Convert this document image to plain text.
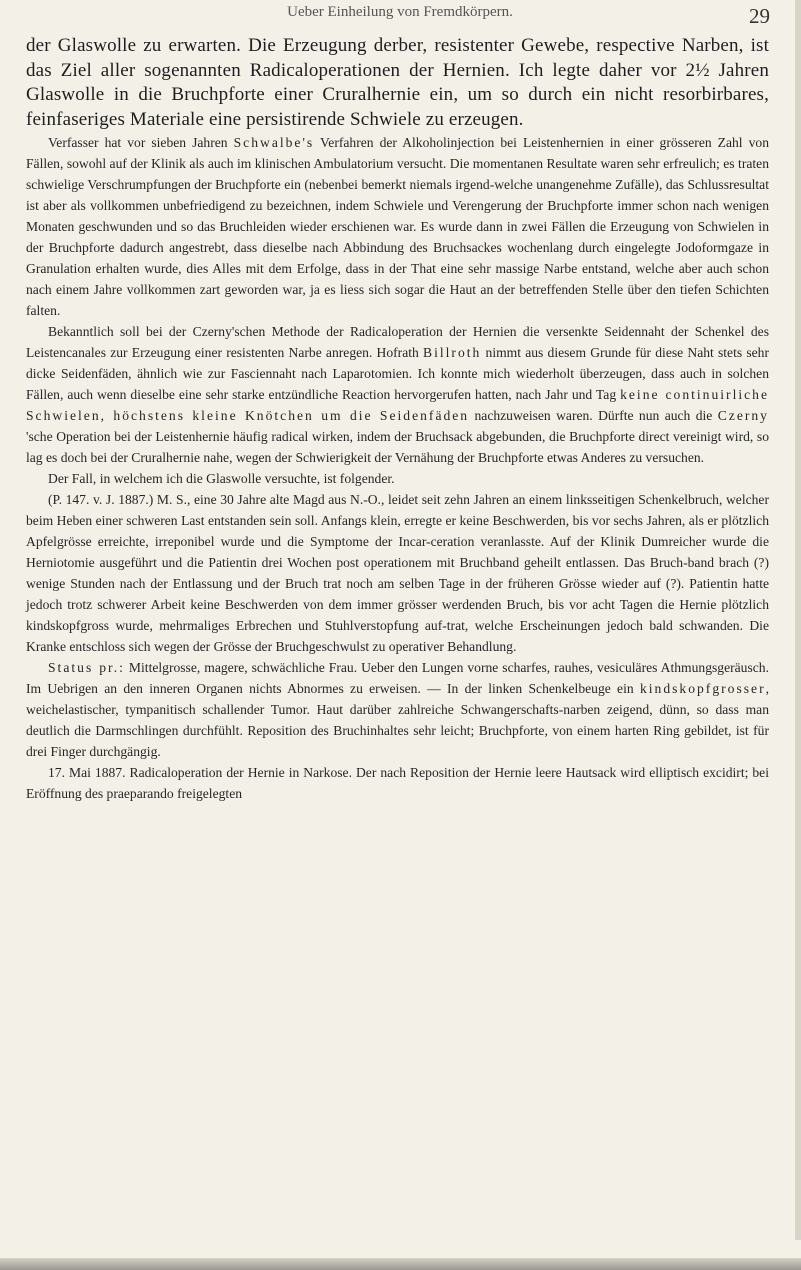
Ueber Einheilung von Fremdkörpern.	29

der Glaswolle zu erwarten. Die Erzeugung derber, resistenter Gewebe, respective Narben, ist das Ziel aller sogenannten Radicaloperationen der Hernien. Ich legte daher vor 2½ Jahren Glaswolle in die Bruchpforte einer Cruralhernie ein, um so durch ein nicht resorbirbares, feinfaseriges Materiale eine persistirende Schwiele zu erzeugen.

Verfasser hat vor sieben Jahren Schwalbe's Verfahren der Alkoholinjection bei Leistenhernien in einer grösseren Zahl von Fällen, sowohl auf der Klinik als auch im klinischen Ambulatorium versucht. Die momentanen Resultate waren sehr erfreulich; es traten schwielige Verschrumpfungen der Bruchpforte ein (nebenbei bemerkt niemals irgend-welche unangenehme Zufälle), das Schlussresultat ist aber als vollkommen unbefriedigend zu bezeichnen, indem Schwiele und Verengerung der Bruchpforte immer schon nach wenigen Monaten geschwunden und so das Bruchleiden wieder erschienen war. Es wurde dann in zwei Fällen die Erzeugung von Schwielen in der Bruchpforte dadurch angestrebt, dass dieselbe nach Abbindung des Bruchsackes wochenlang durch eingelegte Jodoformgaze in Granulation erhalten wurde, dies Alles mit dem Erfolge, dass in der That eine sehr massige Narbe entstand, welche aber auch schon nach einem Jahre vollkommen zart geworden war, ja es liess sich sogar die Haut an der betreffenden Stelle über den tiefen Schichten falten.

Bekanntlich soll bei der Czerny'schen Methode der Radicaloperation der Hernien die versenkte Seidennaht der Schenkel des Leistencanales zur Erzeugung einer resistenten Narbe anregen. Hofrath Billroth nimmt aus diesem Grunde für diese Naht stets sehr dicke Seidenfäden, ähnlich wie zur Fasciennaht nach Laparotomien. Ich konnte mich wiederholt überzeugen, dass auch in solchen Fällen, auch wenn dieselbe eine sehr starke entzündliche Reaction hervorgerufen hatten, nach Jahr und Tag keine continuirliche Schwielen, höchstens kleine Knötchen um die Seidenfäden nachzuweisen waren. Dürfte nun auch die Czerny 'sche Operation bei der Leistenhernie häufig radical wirken, indem der Bruchsack abgebunden, die Bruchpforte direct vereinigt wird, so lag es doch bei der Cruralhernie nahe, wegen der Schwierigkeit der Vernähung der Bruchpforte etwas Anderes zu versuchen.

Der Fall, in welchem ich die Glaswolle versuchte, ist folgender.

(P. 147. v. J. 1887.) M. S., eine 30 Jahre alte Magd aus N.-O., leidet seit zehn Jahren an einem linksseitigen Schenkelbruch, welcher beim Heben einer schweren Last entstanden sein soll. Anfangs klein, erregte er keine Beschwerden, bis vor sechs Jahren, als er plötzlich Apfelgrösse erreichte, irreponibel wurde und die Symptome der Incar-ceration veranlasste. Auf der Klinik Dumreicher wurde die Herniotomie ausgeführt und die Patientin drei Wochen post operationem mit Bruchband geheilt entlassen. Das Bruch-band brach (?) wenige Stunden nach der Entlassung und der Bruch trat noch am selben Tage in der früheren Grösse wieder auf (?). Patientin hatte jedoch trotz schwerer Arbeit keine Beschwerden von dem immer grösser werdenden Bruch, bis vor acht Tagen die Hernie plötzlich kindskopfgross wurde, mehrmaliges Erbrechen und Stuhlverstopfung auf-trat, welche Erscheinungen jedoch bald schwanden. Die Kranke entschloss sich wegen der Grösse der Bruchgeschwulst zu operativer Behandlung.

Status pr.: Mittelgrosse, magere, schwächliche Frau. Ueber den Lungen vorne scharfes, rauhes, vesiculäres Athmungsgeräusch. Im Uebrigen an den inneren Organen nichts Abnormes zu erweisen. — In der linken Schenkelbeuge ein kindskopfgrosser, weichelastischer, tympanitisch schallender Tumor. Haut darüber zahlreiche Schwangerschafts-narben zeigend, dünn, so dass man deutlich die Darmschlingen durchfühlt. Reposition des Bruchinhaltes sehr leicht; Bruchpforte, von einem harten Ring gebildet, ist für drei Finger durchgängig.

17. Mai 1887. Radicaloperation der Hernie in Narkose. Der nach Reposition der Hernie leere Hautsack wird elliptisch excidirt; bei Eröffnung des praeparando freigelegten
